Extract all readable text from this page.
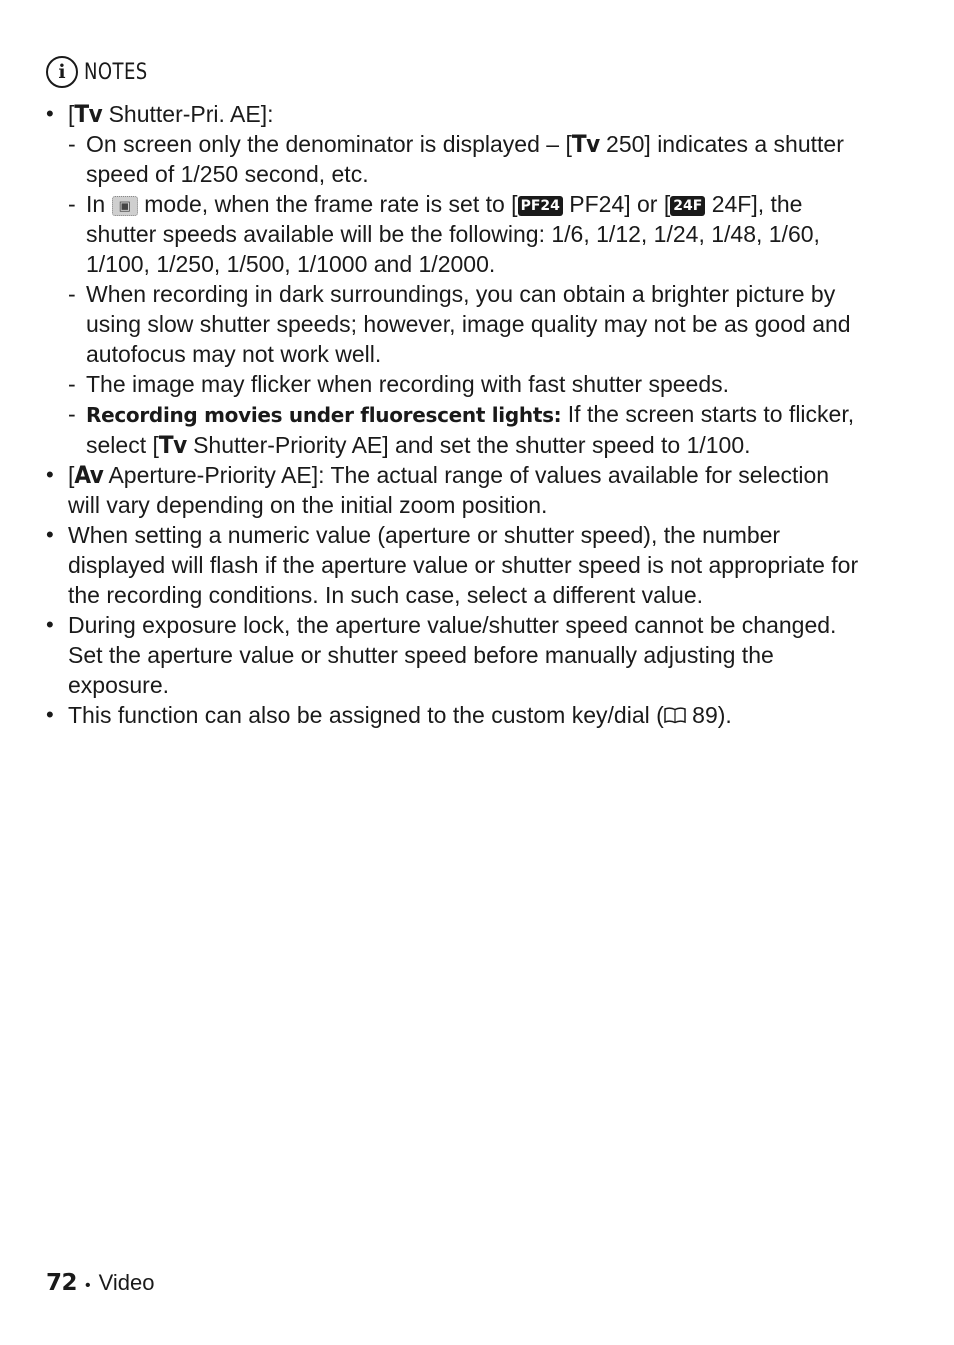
i NOTES
• [Tv Shutter-Pri. AE]:
- On screen only the denominator is displayed – [Tv 250] indicates a shutter speed of 1/250 second, etc.
- In ▣ mode, when the frame rate is set to [ PF24 PF24] or [ 24F 24F], the shutter speeds available will be the following: 1/6, 1/12, 1/24, 1/48, 1/60, 1/100, 1/250, 1/500, 1/1000 and 1/2000.
- When recording in dark surroundings, you can obtain a brighter picture by using slow shutter speeds; however, image quality may not be as good and autofocus may not work well.
- The image may flicker when recording with fast shutter speeds.
- Recording movies under fluorescent lights: If the screen starts to flicker, select [Tv Shutter-Priority AE] and set the shutter speed to 1/100.
• [Av Aperture-Priority AE]: The actual range of values available for selection will vary depending on the initial zoom position.
• When setting a numeric value (aperture or shutter speed), the number displayed will flash if the aperture value or shutter speed is not appropriate for the recording conditions. In such case, select a different value.
• During exposure lock, the aperture value/shutter speed cannot be changed. Set the aperture value or shutter speed before manually adjusting the exposure.
• This function can also be assigned to the custom key/dial ( 89).
72 • Video
